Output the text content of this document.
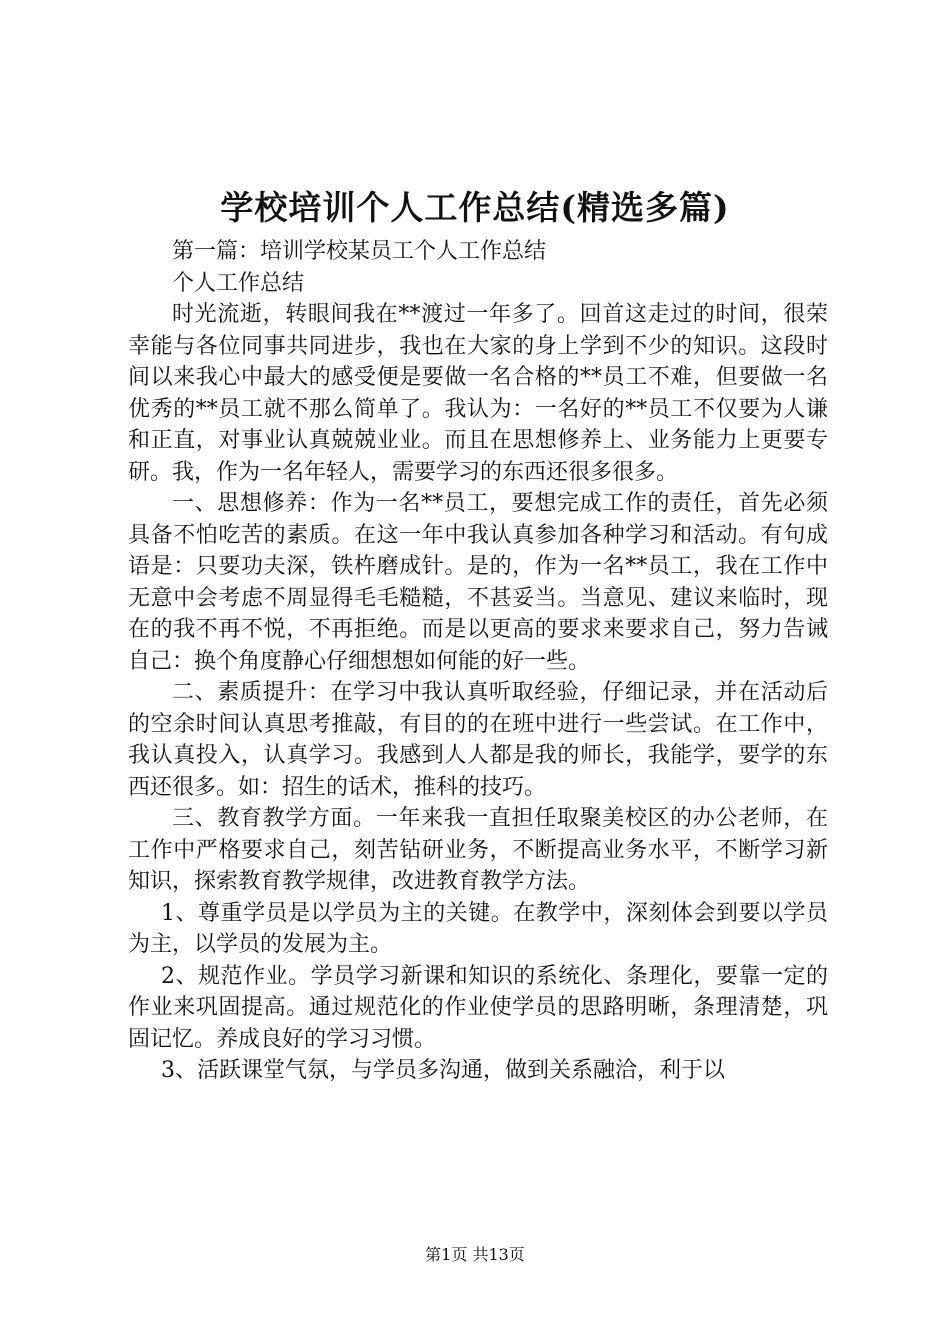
学校培训个人工作总结(精选多篇)

第一篇：培训学校某员工个人工作总结

个人工作总结

时光流逝，转眼间我在**渡过一年多了。回首这走过的时间，很荣幸能与各位同事共同进步，我也在大家的身上学到不少的知识。这段时间以来我心中最大的感受便是要做一名合格的**员工不难，但要做一名优秀的**员工就不那么简单了。我认为：一名好的**员工不仅要为人谦和正直，对事业认真兢兢业业。而且在思想修养上、业务能力上更要专研。我，作为一名年轻人，需要学习的东西还很多很多。

一、思想修养：作为一名**员工，要想完成工作的责任，首先必须具备不怕吃苦的素质。在这一年中我认真参加各种学习和活动。有句成语是：只要功夫深，铁杵磨成针。是的，作为一名**员工，我在工作中无意中会考虑不周显得毛毛糙糙，不甚妥当。当意见、建议来临时，现在的我不再不悦，不再拒绝。而是以更高的要求来要求自己，努力告诫自己：换个角度静心仔细想想如何能的好一些。

二、素质提升：在学习中我认真听取经验，仔细记录，并在活动后的空余时间认真思考推敲，有目的的在班中进行一些尝试。在工作中，我认真投入，认真学习。我感到人人都是我的师长，我能学，要学的东西还很多。如：招生的话术，推科的技巧。

三、教育教学方面。一年来我一直担任取聚美校区的办公老师，在工作中严格要求自己，刻苦钻研业务，不断提高业务水平，不断学习新知识，探索教育教学规律，改进教育教学方法。

1、尊重学员是以学员为主的关键。在教学中，深刻体会到要以学员为主，以学员的发展为主。

2、规范作业。学员学习新课和知识的系统化、条理化，要靠一定的作业来巩固提高。通过规范化的作业使学员的思路明晰，条理清楚，巩固记忆。养成良好的学习习惯。

3、活跃课堂气氛，与学员多沟通，做到关系融洽，利于以

第1页 共13页
